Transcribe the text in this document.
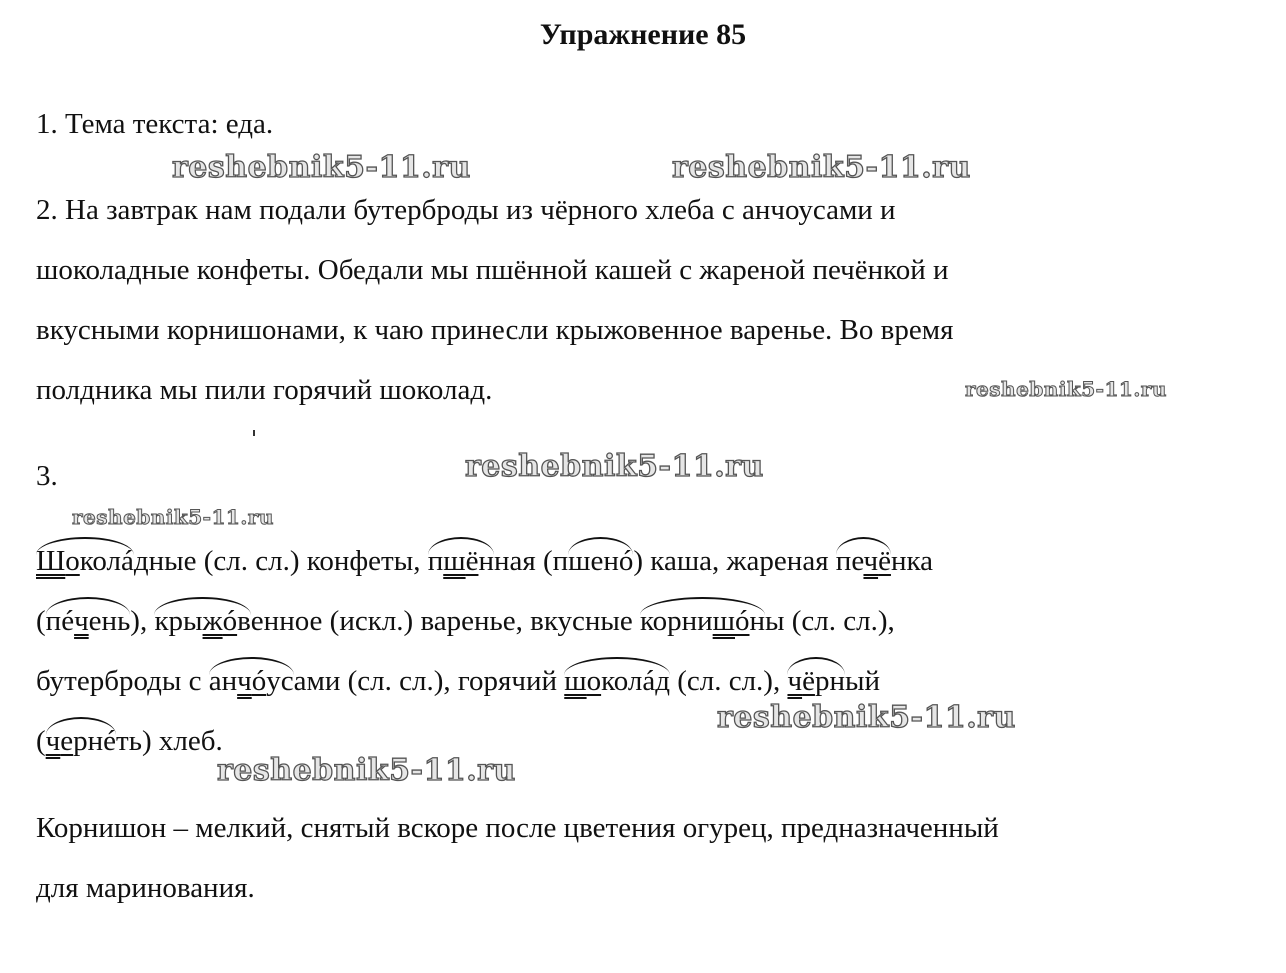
Упражнение 85
1. Тема текста: еда.
2. На завтрак нам подали бутерброды из чёрного хлеба с анчоусами и
шоколадные конфеты. Обедали мы пшённой кашей с жареной печёнкой и
вкусными корнишонами, к чаю принесли крыжовенное варенье. Во время
полдника мы пили горячий шоколад.
3.
Шоколáдные (сл. сл.) конфеты, пшённая (пшенó) каша, жареная печёнка
(пéчень), крыжóвенное (искл.) варенье, вкусные корнишóны (сл. сл.),
бутерброды с анчóусами (сл. сл.), горячий шоколáд (сл. сл.), чёрный
(чернéть) хлеб.
Корнишон – мелкий, снятый вскоре после цветения огурец, предназначенный
для маринования.
reshebnik5-11.ru	reshebnik5-11.ru
reshebnik5-11.ru
reshebnik5-11.ru
reshebnik5-11.ru
reshebnik5-11.ru
reshebnik5-11.ru
